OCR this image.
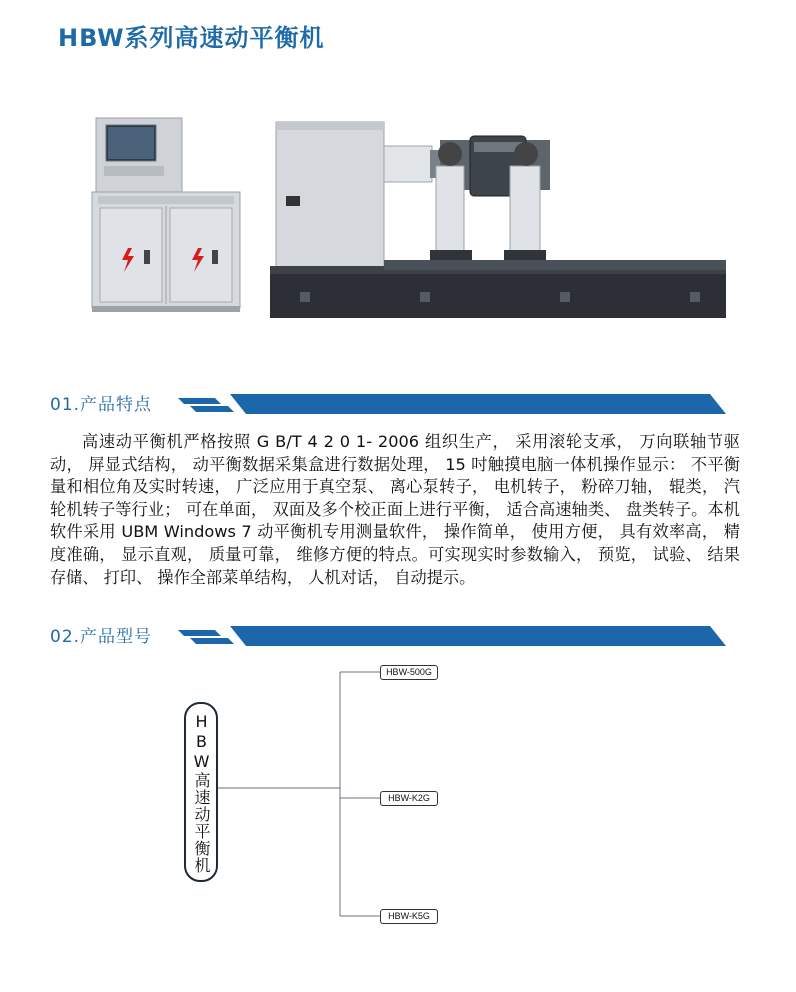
HBW系列高速动平衡机
01.产品特点

高速动平衡机严格按照 G B/T 4 2 0 1- 2006 组织生产， 采用滚轮支承， 万向联轴节驱动， 屏显式结构， 动平衡数据采集盒进行数据处理， 15 吋触摸电脑一体机操作显示： 不平衡量和相位角及实时转速， 广泛应用于真空泵、 离心泵转子， 电机转子， 粉碎刀轴， 辊类， 汽轮机转子等行业； 可在单面， 双面及多个校正面上进行平衡， 适合高速轴类、 盘类转子。本机软件采用 UBM Windows 7 动平衡机专用测量软件， 操作简单， 使用方便， 具有效率高， 精度准确， 显示直观， 质量可靠， 维修方便的特点。可实现实时参数输入， 预览， 试验、 结果存储、 打印、 操作全部菜单结构， 人机对话， 自动提示。

02.产品型号
HBW高速动平衡机
HBW-500G
HBW-K2G
HBW-K5G
